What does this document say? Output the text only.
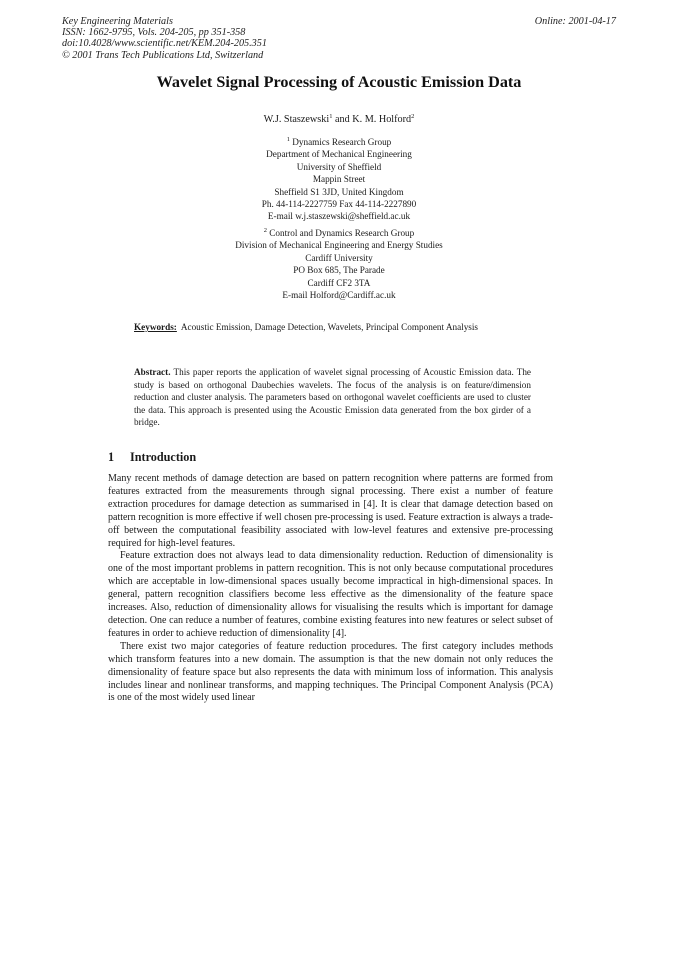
Key Engineering Materials
ISSN: 1662-9795, Vols. 204-205, pp 351-358
doi:10.4028/www.scientific.net/KEM.204-205.351
© 2001 Trans Tech Publications Ltd, Switzerland
Online: 2001-04-17
Wavelet Signal Processing of Acoustic Emission Data
W.J. Staszewski$^1$ and K. M. Holford$^2$
$^1$ Dynamics Research Group
Department of Mechanical Engineering
University of Sheffield
Mappin Street
Sheffield S1 3JD, United Kingdom
Ph. 44-114-2227759 Fax 44-114-2227890
E-mail w.j.staszewski@sheffield.ac.uk
$^2$ Control and Dynamics Research Group
Division of Mechanical Engineering and Energy Studies
Cardiff University
PO Box 685, The Parade
Cardiff CF2 3TA
E-mail Holford@Cardiff.ac.uk
Keywords: Acoustic Emission, Damage Detection, Wavelets, Principal Component Analysis
Abstract. This paper reports the application of wavelet signal processing of Acoustic Emission data. The study is based on orthogonal Daubechies wavelets. The focus of the analysis is on feature/dimension reduction and cluster analysis. The parameters based on orthogonal wavelet coefficients are used to cluster the data. This approach is presented using the Acoustic Emission data generated from the box girder of a bridge.
1 Introduction

Many recent methods of damage detection are based on pattern recognition where patterns are formed from features extracted from the measurements through signal processing. There exist a number of feature extraction procedures for damage detection as summarised in [4]. It is clear that damage detection based on pattern recognition is more effective if well chosen pre-processing is used. Feature extraction is always a trade-off between the computational feasibility associated with low-level features and extensive pre-processing required for high-level features.

Feature extraction does not always lead to data dimensionality reduction. Reduction of dimensionality is one of the most important problems in pattern recognition. This is not only because computational procedures which are acceptable in low-dimensional spaces usually become impractical in high-dimensional spaces. In general, pattern recognition classifiers become less effective as the dimensionality of the feature space increases. Also, reduction of dimensionality allows for visualising the results which is important for damage detection. One can reduce a number of features, combine existing features into new features or select subset of features in order to achieve reduction of dimensionality [4].

There exist two major categories of feature reduction procedures. The first category includes methods which transform features into a new domain. The assumption is that the new domain not only reduces the dimensionality of feature space but also represents the data with minimum loss of information. This analysis includes linear and nonlinear transforms, and mapping techniques. The Principal Component Analysis (PCA) is one of the most widely used linear
